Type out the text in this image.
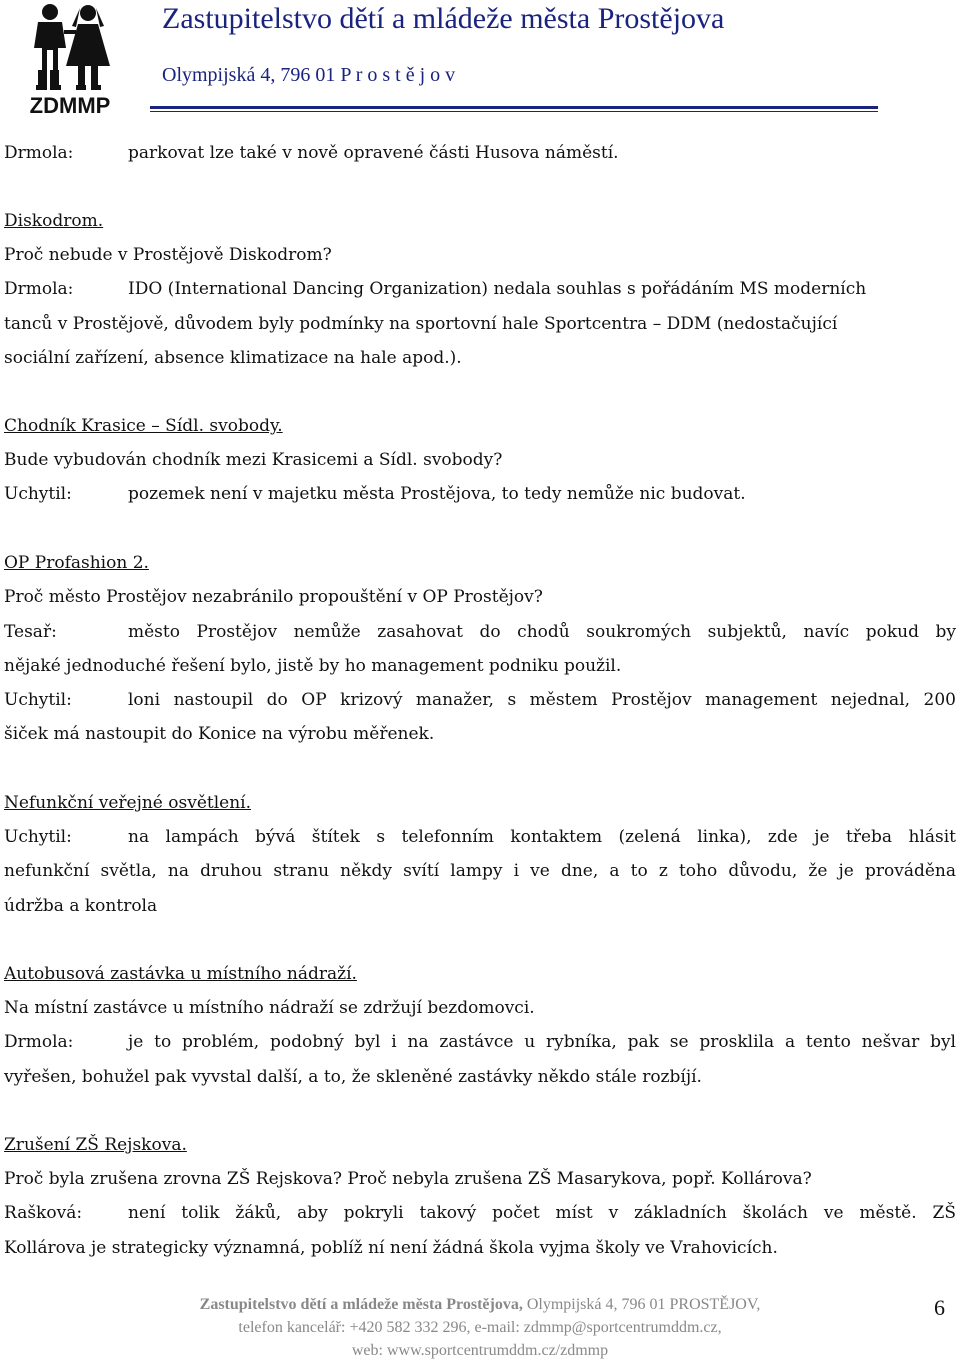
ZDMMP
Zastupitelstvo dětí a mládeže města Prostějova
Olympijská 4, 796 01 P r o s t ě j o v
Drmola:	parkovat lze také v nově opravené části Husova náměstí.
Diskodrom.
Proč nebude v Prostějově Diskodrom?
Drmola:	IDO (International Dancing Organization) nedala souhlas s pořádáním MS moderních
tanců v Prostějově, důvodem byly podmínky na sportovní hale Sportcentra – DDM (nedostačující
sociální zařízení, absence klimatizace na hale apod.).
Chodník Krasice – Sídl. svobody.
Bude vybudován chodník mezi Krasicemi a Sídl. svobody?
Uchytil:	pozemek není v majetku města Prostějova, to tedy nemůže nic budovat.
OP Profashion 2.
Proč město Prostějov nezabránilo propouštění v OP Prostějov?
Tesař:	město Prostějov nemůže zasahovat do chodů soukromých subjektů, navíc pokud by
nějaké jednoduché řešení bylo, jistě by ho management podniku použil.
Uchytil:	loni nastoupil do OP krizový manažer, s městem Prostějov management nejednal, 200
šiček má nastoupit do Konice na výrobu měřenek.
Nefunkční veřejné osvětlení.
Uchytil:	na lampách bývá štítek s telefonním kontaktem (zelená linka), zde je třeba hlásit
nefunkční světla, na druhou stranu někdy svítí lampy i ve dne, a to z toho důvodu, že je prováděna
údržba a kontrola
Autobusová zastávka u místního nádraží.
Na místní zastávce u místního nádraží se zdržují bezdomovci.
Drmola:	je to problém, podobný byl i na zastávce u rybníka, pak se prosklila a tento nešvar byl
vyřešen, bohužel pak vyvstal další, a to, že skleněné zastávky někdo stále rozbíjí.
Zrušení ZŠ Rejskova.
Proč byla zrušena zrovna ZŠ Rejskova? Proč nebyla zrušena ZŠ Masarykova, popř. Kollárova?
Rašková:	není tolik žáků, aby pokryli takový počet míst v základních školách ve městě. ZŠ
Kollárova je strategicky významná, poblíž ní není žádná škola vyjma školy ve Vrahovicích.
Zastupitelstvo dětí a mládeže města Prostějova, Olympijská 4, 796 01 PROSTĚJOV,
telefon kancelář: +420 582 332 296, e-mail: zdmmp@sportcentrumddm.cz,
web: www.sportcentrumddm.cz/zdmmp
6
